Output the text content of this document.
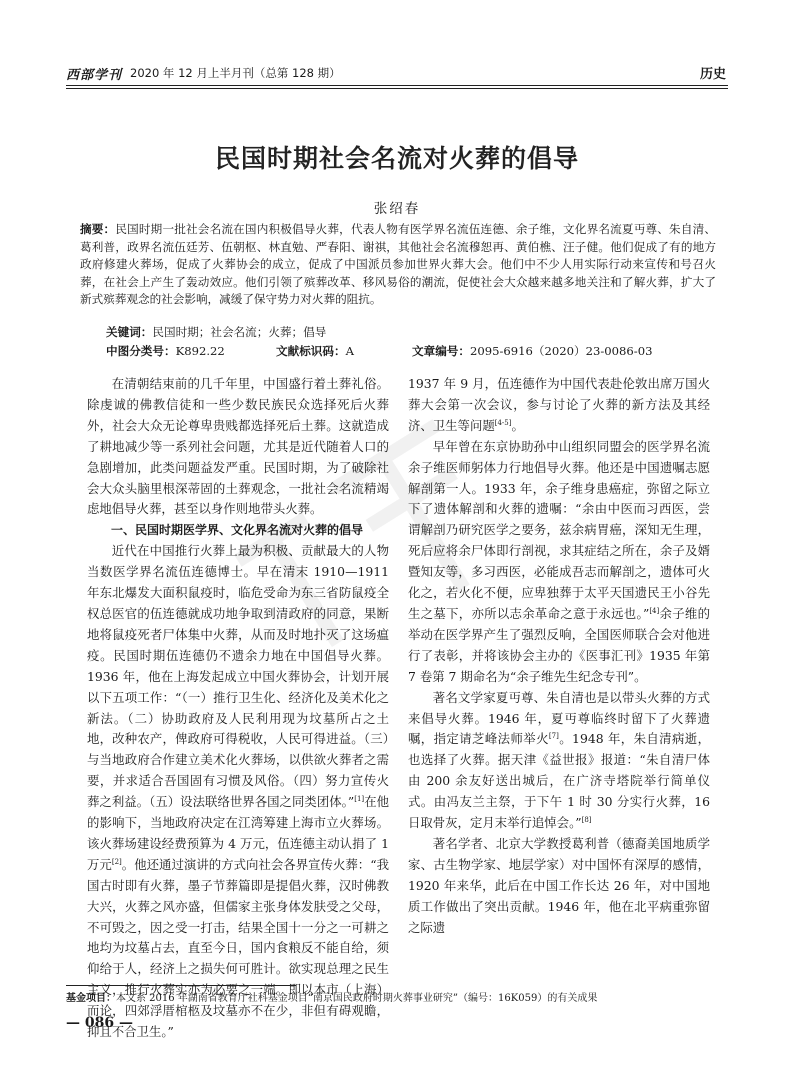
西部学刊 2020 年 12 月上半月刊（总第 128 期）	历史
民国时期社会名流对火葬的倡导
张绍春
摘要：民国时期一批社会名流在国内积极倡导火葬，代表人物有医学界名流伍连德、余子维，文化界名流夏丏尊、朱自清、葛利普，政界名流伍廷芳、伍朝枢、林直勉、严春阳、谢祺，其他社会名流穆恕再、黄伯樵、汪子健。他们促成了有的地方政府修建火葬场，促成了火葬协会的成立，促成了中国派员参加世界火葬大会。他们中不少人用实际行动来宣传和号召火葬，在社会上产生了轰动效应。他们引领了殡葬改革、移风易俗的潮流，促使社会大众越来越多地关注和了解火葬，扩大了新式殡葬观念的社会影响，减缓了保守势力对火葬的阻抗。
关键词：民国时期；社会名流；火葬；倡导
中图分类号：K892.22	文献标识码：A	文章编号：2095-6916（2020）23-0086-03

在清朝结束前的几千年里，中国盛行着土葬礼俗。除虔诚的佛教信徒和一些少数民族民众选择死后火葬外，社会大众无论尊卑贵贱都选择死后土葬。这就造成了耕地减少等一系列社会问题，尤其是近代随着人口的急剧增加，此类问题益发严重。民国时期，为了破除社会大众头脑里根深蒂固的土葬观念，一批社会名流精竭虑地倡导火葬，甚至以身作则地带头火葬。

一、民国时期医学界、文化界名流对火葬的倡导

近代在中国推行火葬上最为积极、贡献最大的人物当数医学界名流伍连德博士。早在清末 1910—1911 年东北爆发大面积鼠疫时，临危受命为东三省防鼠疫全权总医官的伍连德就成功地争取到清政府的同意，果断地将鼠疫死者尸体集中火葬，从而及时地扑灭了这场瘟疫。民国时期伍连德仍不遗余力地在中国倡导火葬。1936 年，他在上海发起成立中国火葬协会，计划开展以下五项工作：“（一）推行卫生化、经济化及美术化之新法。（二）协助政府及人民利用现为坟墓所占之土地，改种农产，俾政府可得税收，人民可得进益。（三）与当地政府合作建立美术化火葬场，以供欲火葬者之需要，并求适合吾国固有习惯及风俗。（四）努力宣传火葬之利益。（五）设法联络世界各国之同类团体。”[1]在他的影响下，当地政府决定在江湾筹建上海市立火葬场。该火葬场建设经费预算为 4 万元，伍连德主动认捐了 1 万元[2]。他还通过演讲的方式向社会各界宣传火葬：“我国古时即有火葬，墨子节葬篇即是提倡火葬，汉时佛教大兴，火葬之风亦盛，但儒家主张身体发肤受之父母，不可毁之，因之受一打击，结果全国十一分之一可耕之地均为坟墓占去，直至今日，国内食粮反不能自给，须仰给于人，经济上之损失何可胜计。欲实现总理之民生主义，推行火葬实亦为必要之一端。即以本市（上海）而论，四郊浮厝棺柩及坟墓亦不在少，非但有碍观瞻，抑且不合卫生。”

1937 年 9 月，伍连德作为中国代表赴伦敦出席万国火葬大会第一次会议，参与讨论了火葬的新方法及其经济、卫生等问题[4-5]。

早年曾在东京协助孙中山组织同盟会的医学界名流余子维医师躬体力行地倡导火葬。他还是中国遗嘱志愿解剖第一人。1933 年，余子维身患癌症，弥留之际立下了遗体解剖和火葬的遗嘱：“余由中医而习西医，尝谓解剖乃研究医学之要务，兹余病胃癌，深知无生理，死后应将余尸体即行剖视，求其症结之所在，余子及婿暨知友等，多习西医，必能成吾志而解剖之，遗体可火化之，若火化不便，应卑独葬于太平天国遗民王小谷先生之墓下，亦所以志余革命之意于永远也。”[4]余子维的举动在医学界产生了强烈反响，全国医师联合会对他进行了表彰，并将该协会主办的《医事汇刊》1935 年第 7 卷第 7 期命名为“余子维先生纪念专刊”。

著名文学家夏丏尊、朱自清也是以带头火葬的方式来倡导火葬。1946 年，夏丏尊临终时留下了火葬遗嘱，指定请芝峰法师举火[7]。1948 年，朱自清病逝，也选择了火葬。据天津《益世报》报道：“朱自清尸体由 200 余友好送出城后，在广济寺塔院举行简单仪式。由冯友兰主祭，于下午 1 时 30 分实行火葬，16 日取骨灰，定月末举行追悼会。”[8]

著名学者、北京大学教授葛利普（德裔美国地质学家、古生物学家、地层学家）对中国怀有深厚的感情，1920 年来华，此后在中国工作长达 26 年，对中国地质工作做出了突出贡献。1946 年，他在北平病重弥留之际遗

基金项目：本文系 2016 年湖南省教育厅社科基金项目“南京国民政府时期火葬事业研究”（编号：16K059）的有关成果
— 086 —
